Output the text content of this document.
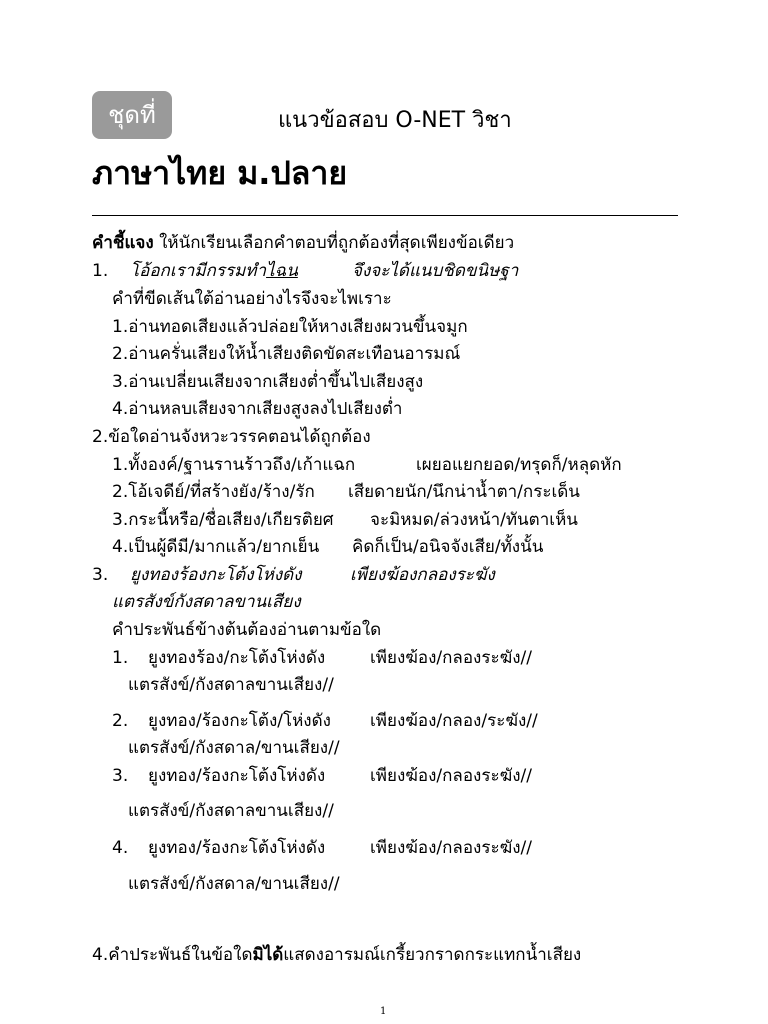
ชุดที่	แนวข้อสอบ O-NET วิชา
ภาษาไทย ม.ปลาย
คำชี้แจง ให้นักเรียนเลือกคำตอบที่ถูกต้องที่สุดเพียงข้อเดียว
1. โอ้อกเรามีกรรมทำไฉน	จึงจะได้แนบชิดขนิษฐา
คำที่ขีดเส้นใต้อ่านอย่างไรจึงจะไพเราะ
1.อ่านทอดเสียงแล้วปล่อยให้หางเสียงผวนขึ้นจมูก
2.อ่านครั่นเสียงให้น้ำเสียงติดขัดสะเทือนอารมณ์
3.อ่านเปลี่ยนเสียงจากเสียงต่ำขึ้นไปเสียงสูง
4.อ่านหลบเสียงจากเสียงสูงลงไปเสียงต่ำ
2.ข้อใดอ่านจังหวะวรรคตอนได้ถูกต้อง
1.ทั้งองค์/ฐานรานร้าวถึง/เก้าแฉก	เผยอแยกยอด/ทรุดก็/หลุดหัก
2.โอ้เจดีย์/ที่สร้างยัง/ร้าง/รัก เสียดายนัก/นึกน่าน้ำตา/กระเด็น
3.กระนี้หรือ/ชื่อเสียง/เกียรติยศ จะมิหมด/ล่วงหน้า/ทันตาเห็น
4.เป็นผู้ดีมี/มากแล้ว/ยากเย็น คิดก็เป็น/อนิจจังเสีย/ทั้งนั้น
3. ยูงทองร้องกะโต้งโห่งดัง	เพียงฆ้องกลองระฆัง
แตรสังข์กังสดาลขานเสียง
คำประพันธ์ข้างต้นต้องอ่านตามข้อใด
1. ยูงทองร้อง/กะโต้งโห่งดัง	เพียงฆ้อง/กลองระฆัง//
แตรสังข์/กังสดาลขานเสียง//
2. ยูงทอง/ร้องกะโต้ง/โห่งดัง เพียงฆ้อง/กลอง/ระฆัง//
แตรสังข์/กังสดาล/ขานเสียง//
3. ยูงทอง/ร้องกะโต้งโห่งดัง	เพียงฆ้อง/กลองระฆัง//
แตรสังข์/กังสดาลขานเสียง//
4. ยูงทอง/ร้องกะโต้งโห่งดัง	เพียงฆ้อง/กลองระฆัง//
แตรสังข์/กังสดาล/ขานเสียง//
4.คำประพันธ์ในข้อใดมิได้แสดงอารมณ์เกรี้ยวกราดกระแทกน้ำเสียง
1
